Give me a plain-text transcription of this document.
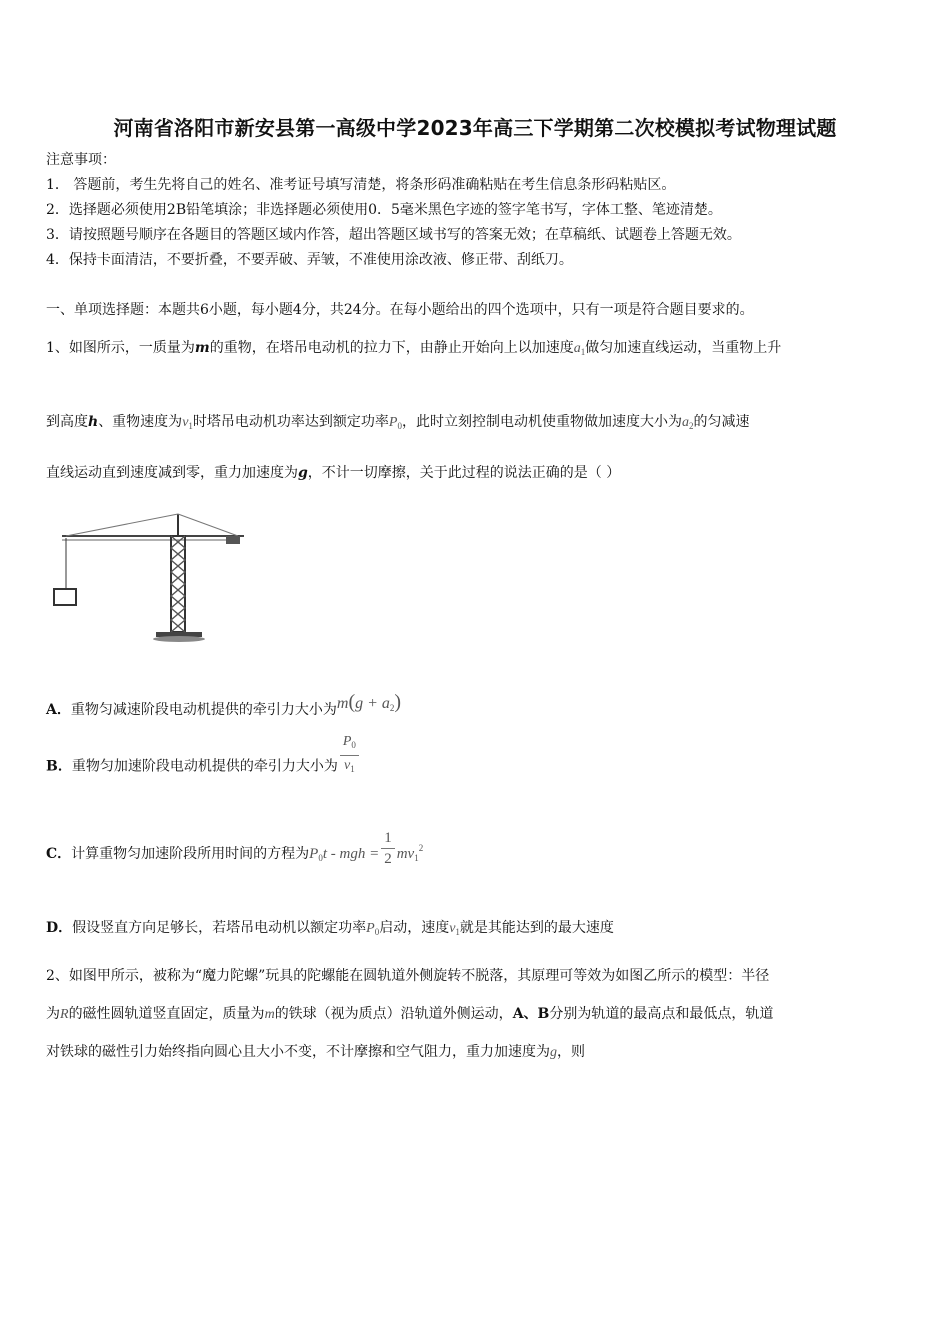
河南省洛阳市新安县第一高级中学2023年高三下学期第二次校模拟考试物理试题
注意事项：
1． 答题前，考生先将自己的姓名、准考证号填写清楚，将条形码准确粘贴在考生信息条形码粘贴区。
2．选择题必须使用2B铅笔填涂；非选择题必须使用0．5毫米黑色字迹的签字笔书写，字体工整、笔迹清楚。
3．请按照题号顺序在各题目的答题区域内作答，超出答题区域书写的答案无效；在草稿纸、试题卷上答题无效。
4．保持卡面清洁，不要折叠，不要弄破、弄皱，不准使用涂改液、修正带、刮纸刀。
一、单项选择题：本题共6小题，每小题4分，共24分。在每小题给出的四个选项中，只有一项是符合题目要求的。
1、如图所示，一质量为m的重物，在塔吊电动机的拉力下，由静止开始向上以加速度$a_1$做匀加速直线运动，当重物上升
到高度h、重物速度为$v_1$时塔吊电动机功率达到额定功率$P_0$，此时立刻控制电动机使重物做加速度大小为$a_2$的匀减速
直线运动直到速度减到零，重力加速度为g，不计一切摩擦，关于此过程的说法正确的是（ ）
A．重物匀减速阶段电动机提供的牵引力大小为$m(g + a_2)$
B．重物匀加速阶段电动机提供的牵引力大小为 $\frac{P_0}{v_1}$
C．计算重物匀加速阶段所用时间的方程为$P_0t$ - mgh = $\frac{1}{2} mv_1^2$
D．假设竖直方向足够长，若塔吊电动机以额定功率$P_0$启动，速度$v_1$就是其能达到的最大速度
2、如图甲所示，被称为“魔力陀螺”玩具的陀螺能在圆轨道外侧旋转不脱落，其原理可等效为如图乙所示的模型：半径
为R的磁性圆轨道竖直固定，质量为m的铁球（视为质点）沿轨道外侧运动，A、B分别为轨道的最高点和最低点，轨道
对铁球的磁性引力始终指向圆心且大小不变，不计摩擦和空气阻力，重力加速度为g，则
